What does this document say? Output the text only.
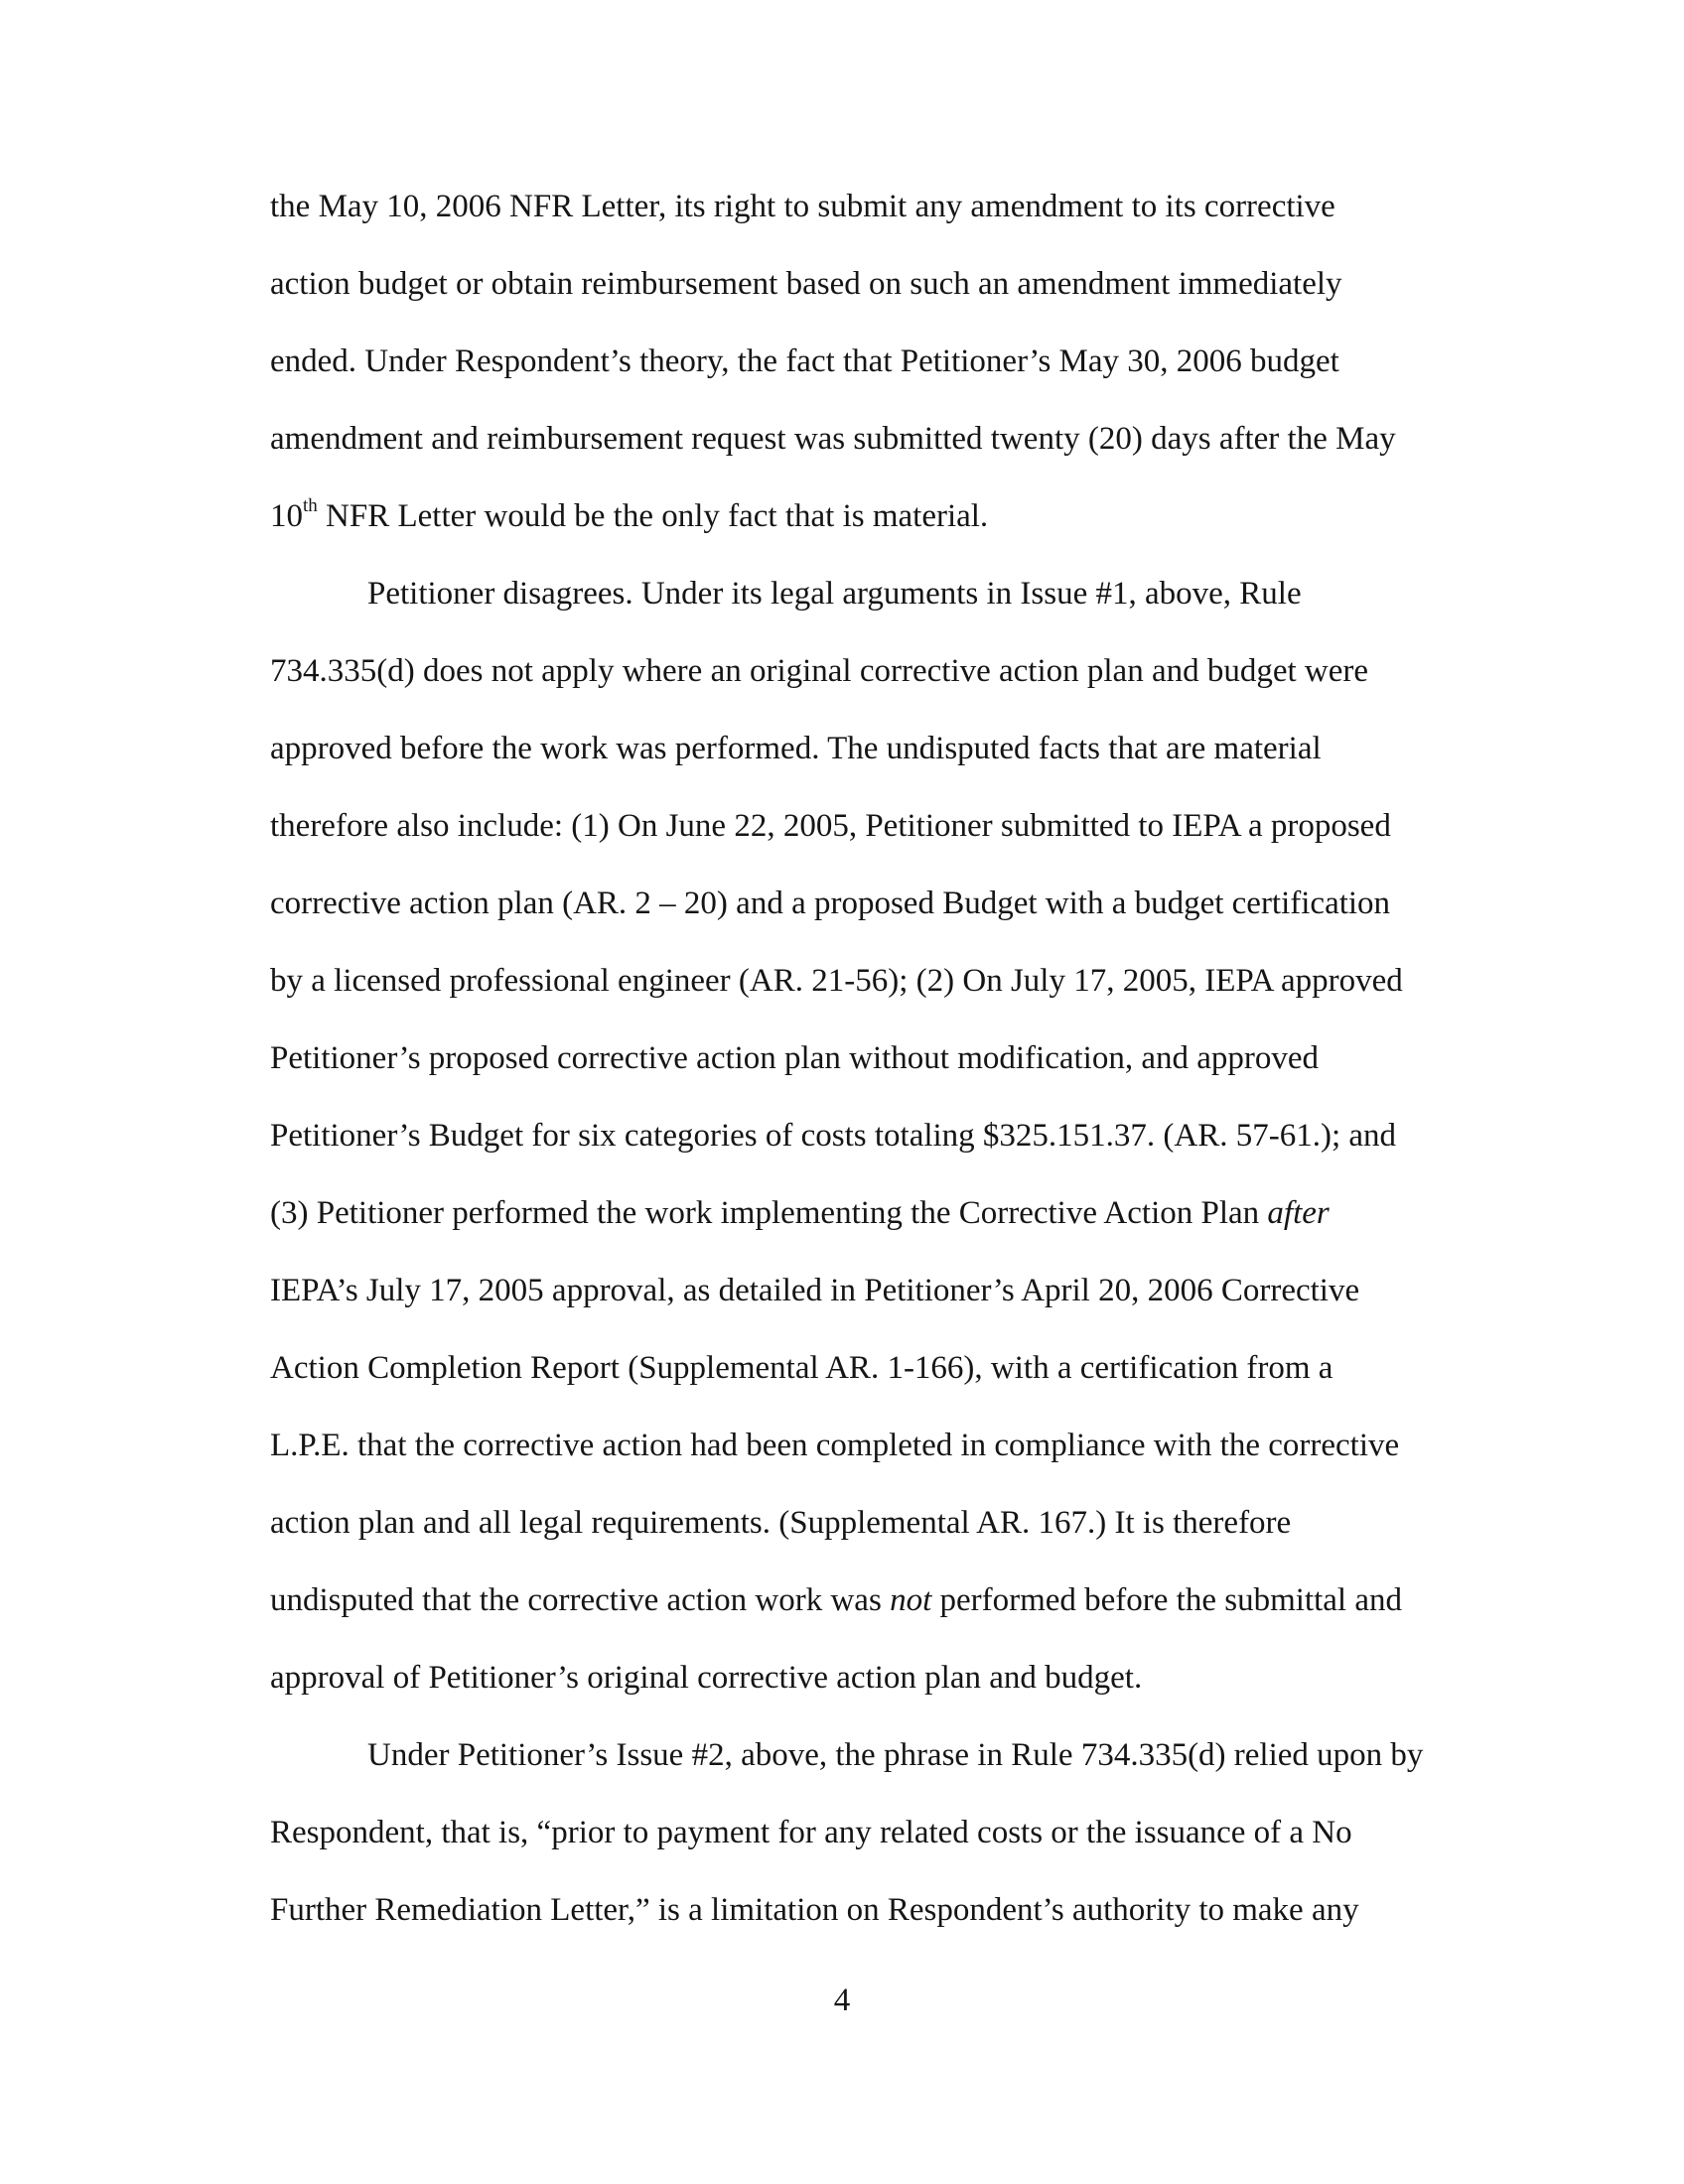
the May 10, 2006 NFR Letter, its right to submit any amendment to its corrective

action budget or obtain reimbursement based on such an amendment immediately

ended. Under Respondent’s theory, the fact that Petitioner’s May 30, 2006 budget

amendment and reimbursement request was submitted twenty (20) days after the May

10th NFR Letter would be the only fact that is material.

Petitioner disagrees. Under its legal arguments in Issue #1, above, Rule

734.335(d) does not apply where an original corrective action plan and budget were

approved before the work was performed. The undisputed facts that are material

therefore also include: (1) On June 22, 2005, Petitioner submitted to IEPA a proposed

corrective action plan (AR. 2 – 20) and a proposed Budget with a budget certification

by a licensed professional engineer (AR. 21-56); (2) On July 17, 2005, IEPA approved

Petitioner’s proposed corrective action plan without modification, and approved

Petitioner’s Budget for six categories of costs totaling $325.151.37. (AR. 57-61.); and

(3) Petitioner performed the work implementing the Corrective Action Plan after

IEPA’s July 17, 2005 approval, as detailed in Petitioner’s April 20, 2006 Corrective

Action Completion Report (Supplemental AR. 1-166), with a certification from a

L.P.E. that the corrective action had been completed in compliance with the corrective

action plan and all legal requirements. (Supplemental AR. 167.) It is therefore

undisputed that the corrective action work was not performed before the submittal and

approval of Petitioner’s original corrective action plan and budget.

Under Petitioner’s Issue #2, above, the phrase in Rule 734.335(d) relied upon by

Respondent, that is, “prior to payment for any related costs or the issuance of a No

Further Remediation Letter,” is a limitation on Respondent’s authority to make any

4
